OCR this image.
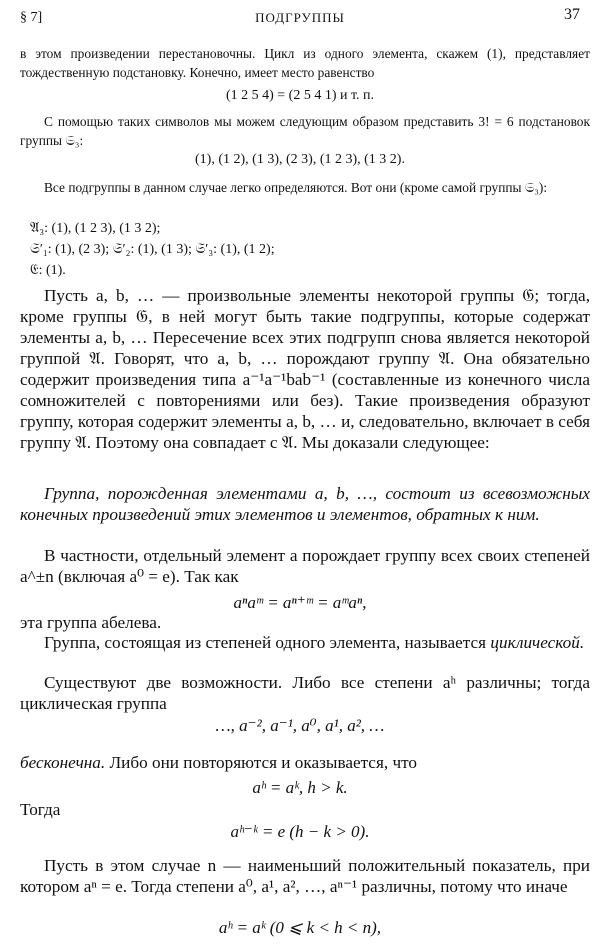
§ 7]	ПОДГРУППЫ	37
в этом произведении перестановочны. Цикл из одного элемента, скажем (1), представляет тождественную подстановку. Конечно, имеет место равенство
(1 2 5 4) = (2 5 4 1) и т. п.
С помощью таких символов мы можем следующим образом представить 3! = 6 подстановок группы 𝔖₃:
(1), (1 2), (1 3), (2 3), (1 2 3), (1 3 2).
Все подгруппы в данном случае легко определяются. Вот они (кроме самой группы 𝔖₃):
𝔄₃: (1), (1 2 3), (1 3 2);
𝔖′₁: (1), (2 3); 𝔖′₂: (1), (1 3); 𝔖′₃: (1), (1 2);
𝔈: (1).
Пусть a, b, … — произвольные элементы некоторой группы 𝔊; тогда, кроме группы 𝔊, в ней могут быть такие подгруппы, которые содержат элементы a, b, … Пересечение всех этих подгрупп снова является некоторой группой 𝔄. Говорят, что a, b, … порождают группу 𝔄. Она обязательно содержит произведения типа a⁻¹a⁻¹bab⁻¹ (составленные из конечного числа сомножителей с повторениями или без). Такие произведения образуют группу, которая содержит элементы a, b, … и, следовательно, включает в себя группу 𝔄. Поэтому она совпадает с 𝔄. Мы доказали следующее:
Группа, порожденная элементами a, b, …, состоит из всевозможных конечных произведений этих элементов и элементов, обратных к ним.
В частности, отдельный элемент a порождает группу всех своих степеней a^±n (включая a⁰ = e). Так как
aⁿaᵐ = aⁿ⁺ᵐ = aᵐaⁿ,
эта группа абелева.
Группа, состоящая из степеней одного элемента, называется циклической.
Существуют две возможности. Либо все степени aʰ различны; тогда циклическая группа
…, a⁻², a⁻¹, a⁰, a¹, a², …
бесконечна. Либо они повторяются и оказывается, что
aʰ = aᵏ, h > k.
Тогда
aʰ⁻ᵏ = e (h − k > 0).
Пусть в этом случае n — наименьший положительный показатель, при котором aⁿ = e. Тогда степени a⁰, a¹, a², …, aⁿ⁻¹ различны, потому что иначе
aʰ = aᵏ (0 ⩽ k < h < n),
